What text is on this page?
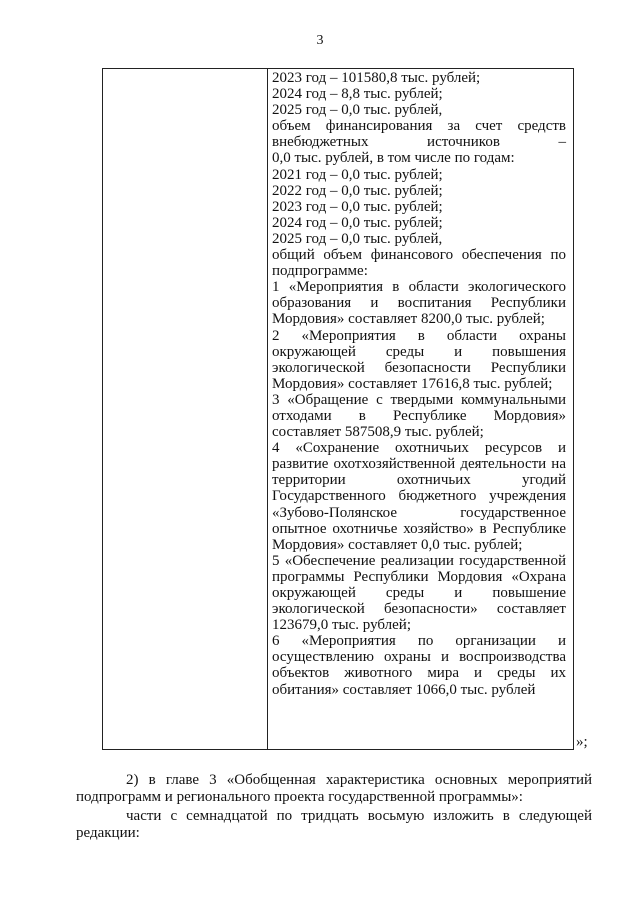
3
2023 год – 101580,8 тыс. рублей;
2024 год – 8,8 тыс. рублей;
2025 год – 0,0 тыс. рублей,
объем финансирования за счет средств
внебюджетных источников –
0,0 тыс. рублей, в том числе по годам:
2021 год – 0,0 тыс. рублей;
2022 год – 0,0 тыс. рублей;
2023 год – 0,0 тыс. рублей;
2024 год – 0,0 тыс. рублей;
2025 год – 0,0 тыс. рублей,
общий объем финансового обеспечения по
подпрограмме:
1 «Мероприятия в области экологического
образования и воспитания Республики
Мордовия» составляет 8200,0 тыс. рублей;
2 «Мероприятия в области охраны
окружающей среды и повышения
экологической безопасности Республики
Мордовия» составляет 17616,8 тыс. рублей;
3 «Обращение с твердыми коммунальными
отходами в Республике Мордовия»
составляет 587508,9 тыс. рублей;
4 «Сохранение охотничьих ресурсов и
развитие охотхозяйственной деятельности на
территории охотничьих угодий
Государственного бюджетного учреждения
«Зубово-Полянское государственное
опытное охотничье хозяйство» в Республике
Мордовия» составляет 0,0 тыс. рублей;
5 «Обеспечение реализации государственной
программы Республики Мордовия «Охрана
окружающей среды и повышение
экологической безопасности» составляет
123679,0 тыс. рублей;
6 «Мероприятия по организации и
осуществлению охраны и воспроизводства
объектов животного мира и среды их
обитания» составляет 1066,0 тыс. рублей
»;
2) в главе 3 «Обобщенная характеристика основных мероприятий
подпрограмм и регионального проекта государственной программы»:
части с семнадцатой по тридцать восьмую изложить в следующей
редакции:
